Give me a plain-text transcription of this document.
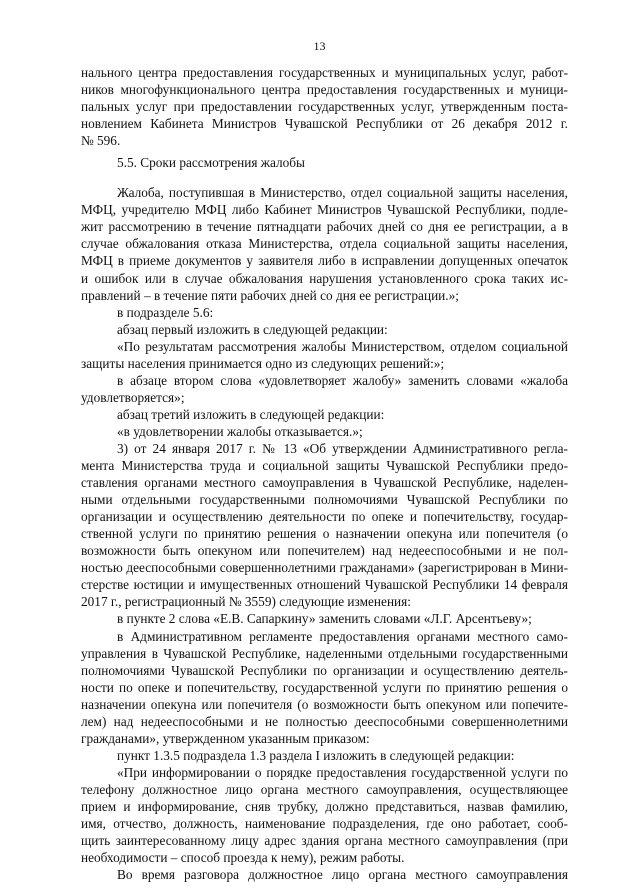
13
нального центра предоставления государственных и муниципальных услуг, работ-
ников многофункционального центра предоставления государственных и муници-
пальных услуг при предоставлении государственных услуг, утвержденным поста-
новлением Кабинета Министров Чувашской Республики от 26 декабря 2012 г.
№ 596.
5.5. Сроки рассмотрения жалобы
Жалоба, поступившая в Министерство, отдел социальной защиты населения,
МФЦ, учредителю МФЦ либо Кабинет Министров Чувашской Республики, подле-
жит рассмотрению в течение пятнадцати рабочих дней со дня ее регистрации, а в
случае обжалования отказа Министерства, отдела социальной защиты населения,
МФЦ в приеме документов у заявителя либо в исправлении допущенных опечаток
и ошибок или в случае обжалования нарушения установленного срока таких ис-
правлений – в течение пяти рабочих дней со дня ее регистрации.»;
в подразделе 5.6:
абзац первый изложить в следующей редакции:
«По результатам рассмотрения жалобы Министерством, отделом социальной
защиты населения принимается одно из следующих решений:»;
в абзаце втором слова «удовлетворяет жалобу» заменить словами «жалоба
удовлетворяется»;
абзац третий изложить в следующей редакции:
«в удовлетворении жалобы отказывается.»;
3) от 24 января 2017 г. № 13 «Об утверждении Административного регла-
мента Министерства труда и социальной защиты Чувашской Республики предо-
ставления органами местного самоуправления в Чувашской Республике, наделен-
ными отдельными государственными полномочиями Чувашской Республики по
организации и осуществлению деятельности по опеке и попечительству, государ-
ственной услуги по принятию решения о назначении опекуна или попечителя (о
возможности быть опекуном или попечителем) над недееспособными и не пол-
ностью дееспособными совершеннолетними гражданами» (зарегистрирован в Мини-
стерстве юстиции и имущественных отношений Чувашской Республики 14 февраля
2017 г., регистрационный № 3559) следующие изменения:
в пункте 2 слова «Е.В. Сапаркину» заменить словами «Л.Г. Арсентьеву»;
в Административном регламенте предоставления органами местного само-
управления в Чувашской Республике, наделенными отдельными государственными
полномочиями Чувашской Республики по организации и осуществлению деятель-
ности по опеке и попечительству, государственной услуги по принятию решения о
назначении опекуна или попечителя (о возможности быть опекуном или попечите-
лем) над недееспособными и не полностью дееспособными совершеннолетними
гражданами», утвержденном указанным приказом:
пункт 1.3.5 подраздела 1.3 раздела I изложить в следующей редакции:
«При информировании о порядке предоставления государственной услуги по
телефону должностное лицо органа местного самоуправления, осуществляющее
прием и информирование, сняв трубку, должно представиться, назвав фамилию,
имя, отчество, должность, наименование подразделения, где оно работает, сооб-
щить заинтересованному лицу адрес здания органа местного самоуправления (при
необходимости – способ проезда к нему), режим работы.
Во время разговора должностное лицо органа местного самоуправления
